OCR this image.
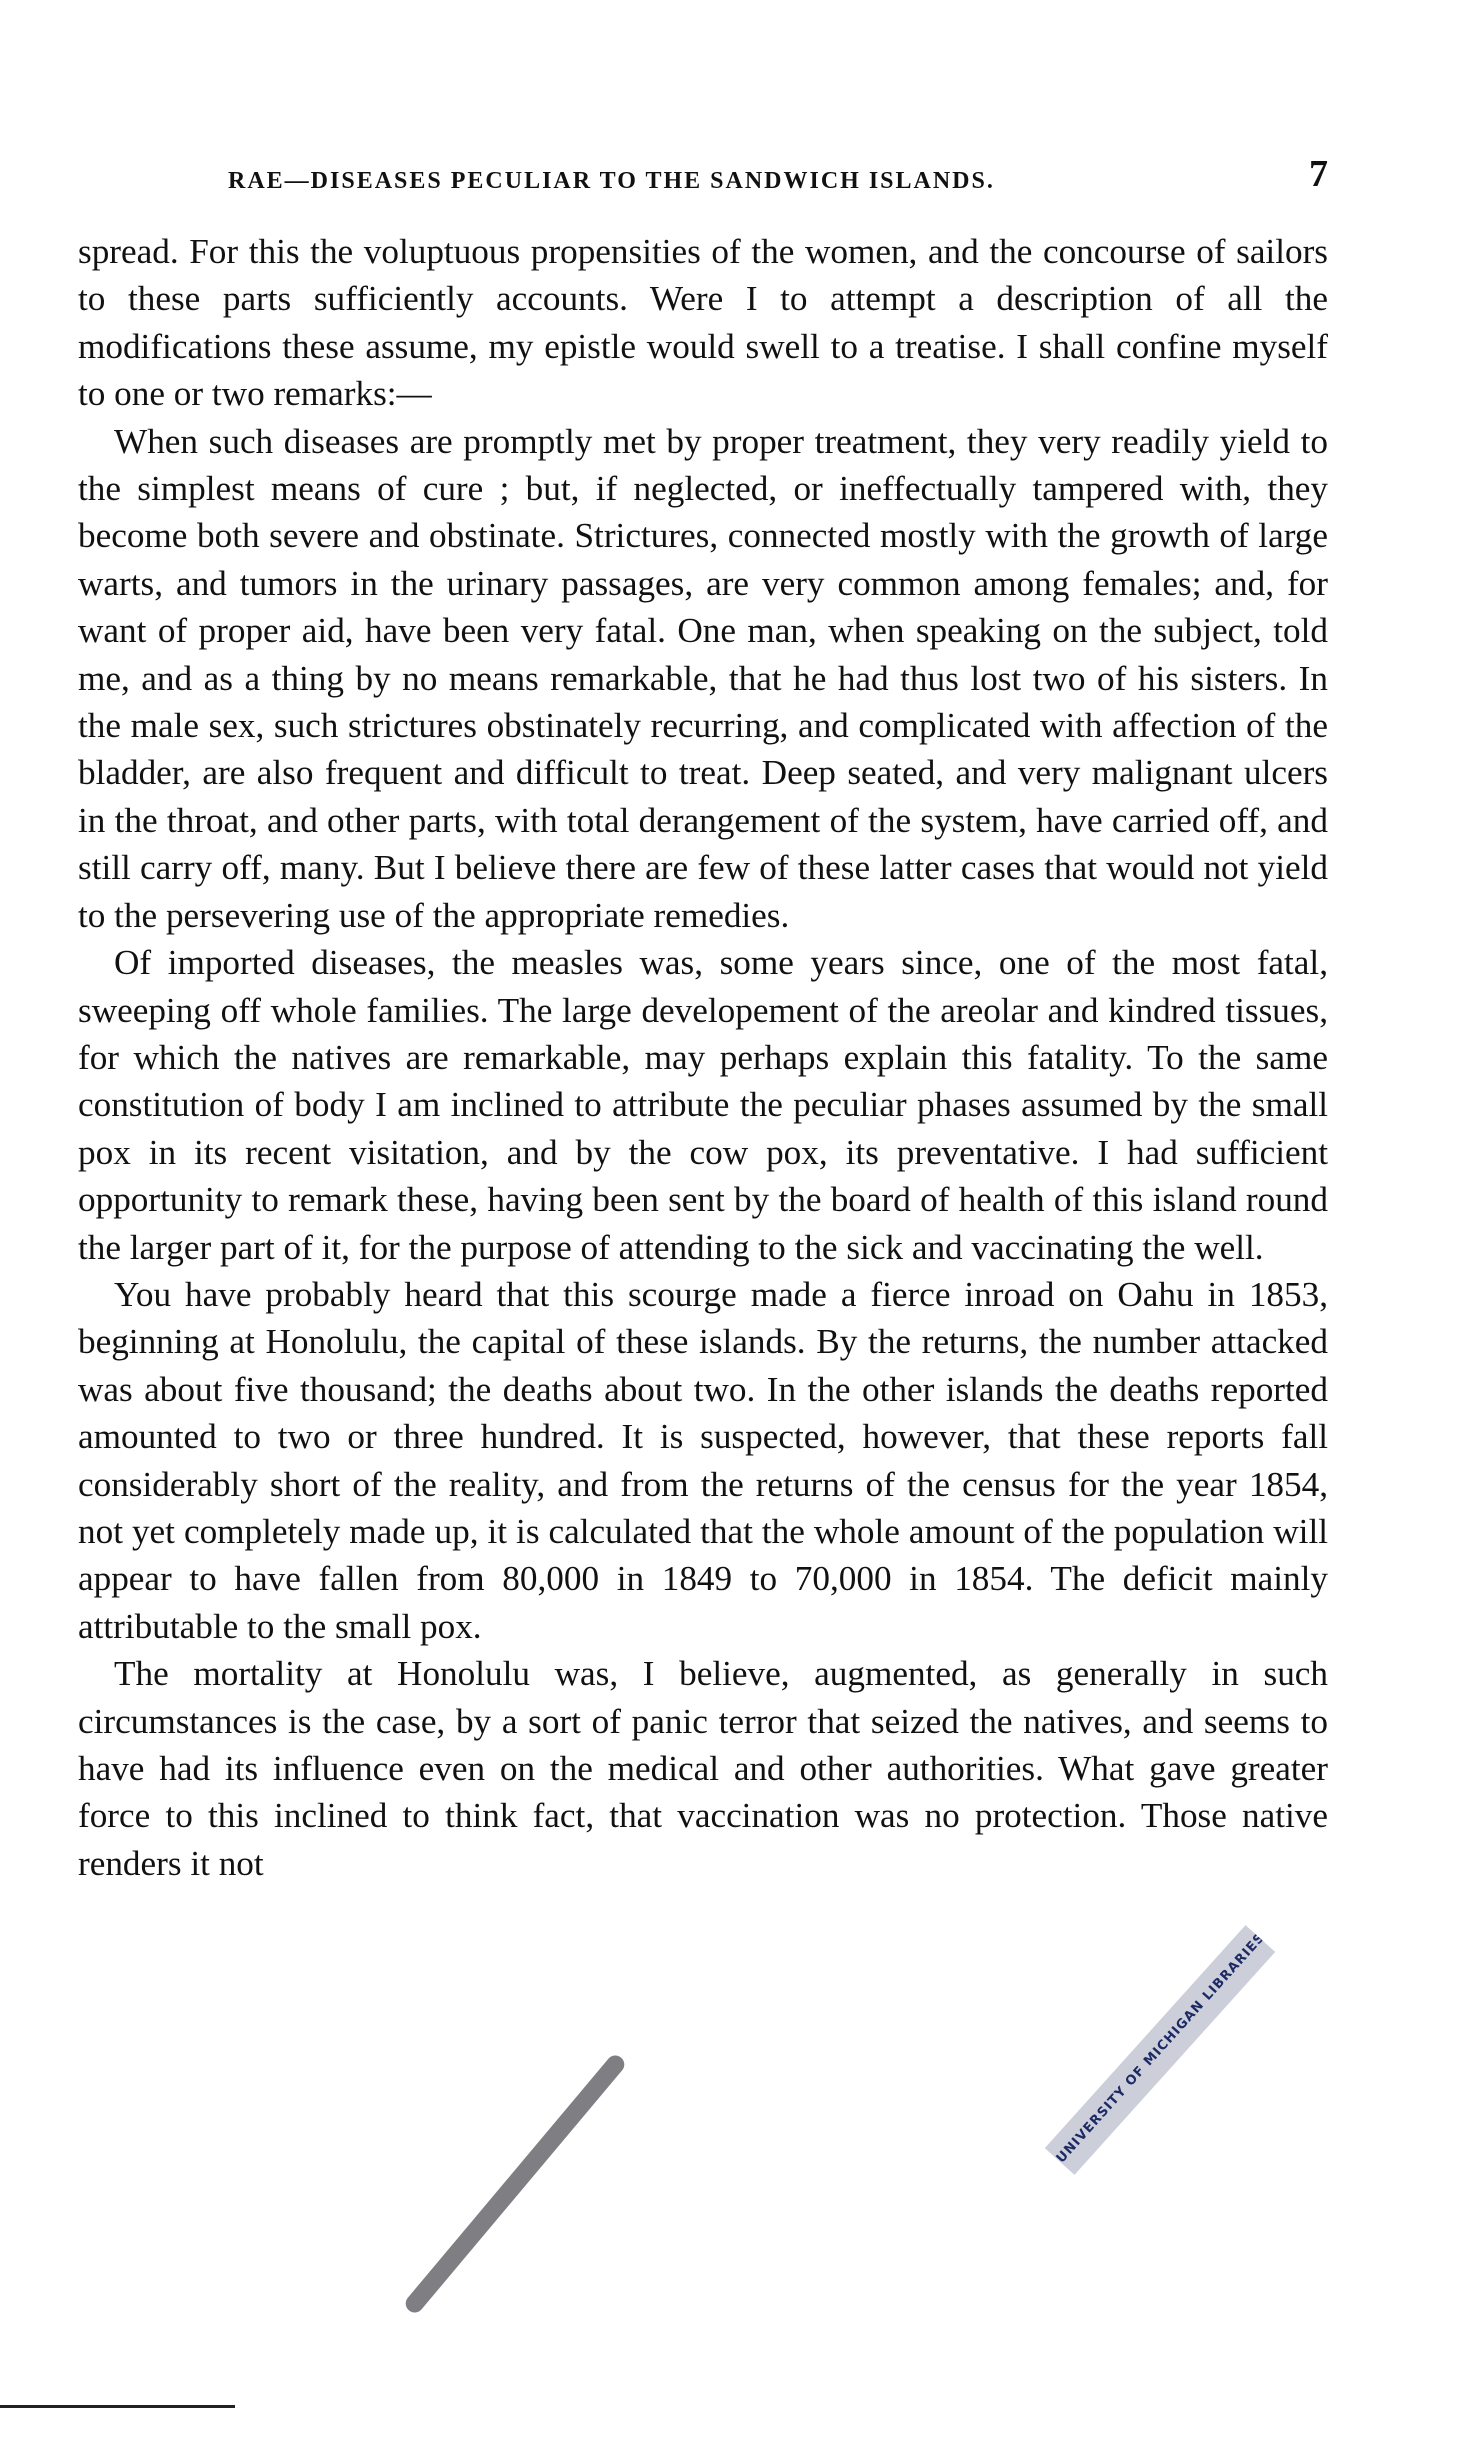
RAE—DISEASES PECULIAR TO THE SANDWICH ISLANDS.	7

spread. For this the voluptuous propensities of the women, and the concourse of sailors to these parts sufficiently accounts. Were I to attempt a description of all the modifications these assume, my epistle would swell to a treatise. I shall confine myself to one or two remarks:—

When such diseases are promptly met by proper treatment, they very readily yield to the simplest means of cure ; but, if neglected, or ineffectually tampered with, they become both severe and obstinate. Strictures, connected mostly with the growth of large warts, and tumors in the urinary passages, are very common among females; and, for want of proper aid, have been very fatal. One man, when speaking on the subject, told me, and as a thing by no means remarkable, that he had thus lost two of his sisters. In the male sex, such strictures obstinately recurring, and complicated with affection of the bladder, are also frequent and difficult to treat. Deep seated, and very malignant ulcers in the throat, and other parts, with total derangement of the system, have carried off, and still carry off, many. But I believe there are few of these latter cases that would not yield to the persevering use of the appropriate remedies.

Of imported diseases, the measles was, some years since, one of the most fatal, sweeping off whole families. The large developement of the areolar and kindred tissues, for which the natives are remarkable, may perhaps explain this fatality. To the same constitution of body I am inclined to attribute the peculiar phases assumed by the small pox in its recent visitation, and by the cow pox, its preventative. I had sufficient opportunity to remark these, having been sent by the board of health of this island round the larger part of it, for the purpose of attending to the sick and vaccinating the well.

You have probably heard that this scourge made a fierce inroad on Oahu in 1853, beginning at Honolulu, the capital of these islands. By the returns, the number attacked was about five thousand; the deaths about two. In the other islands the deaths reported amounted to two or three hundred. It is suspected, however, that these reports fall considerably short of the reality, and from the returns of the census for the year 1854, not yet completely made up, it is calculated that the whole amount of the population will appear to have fallen from 80,000 in 1849 to 70,000 in 1854. The deficit mainly attributable to the small pox.

The mortality at Honolulu was, I believe, augmented, as generally in such circumstances is the case, by a sort of panic terror that seized the natives, and seems to have had its influence even on the medical and other authorities. What gave greater force to this inclined to think fact, that vaccination was no protection. Those native renders it not

UNIVERSITY OF MICHIGAN LIBRARIES
